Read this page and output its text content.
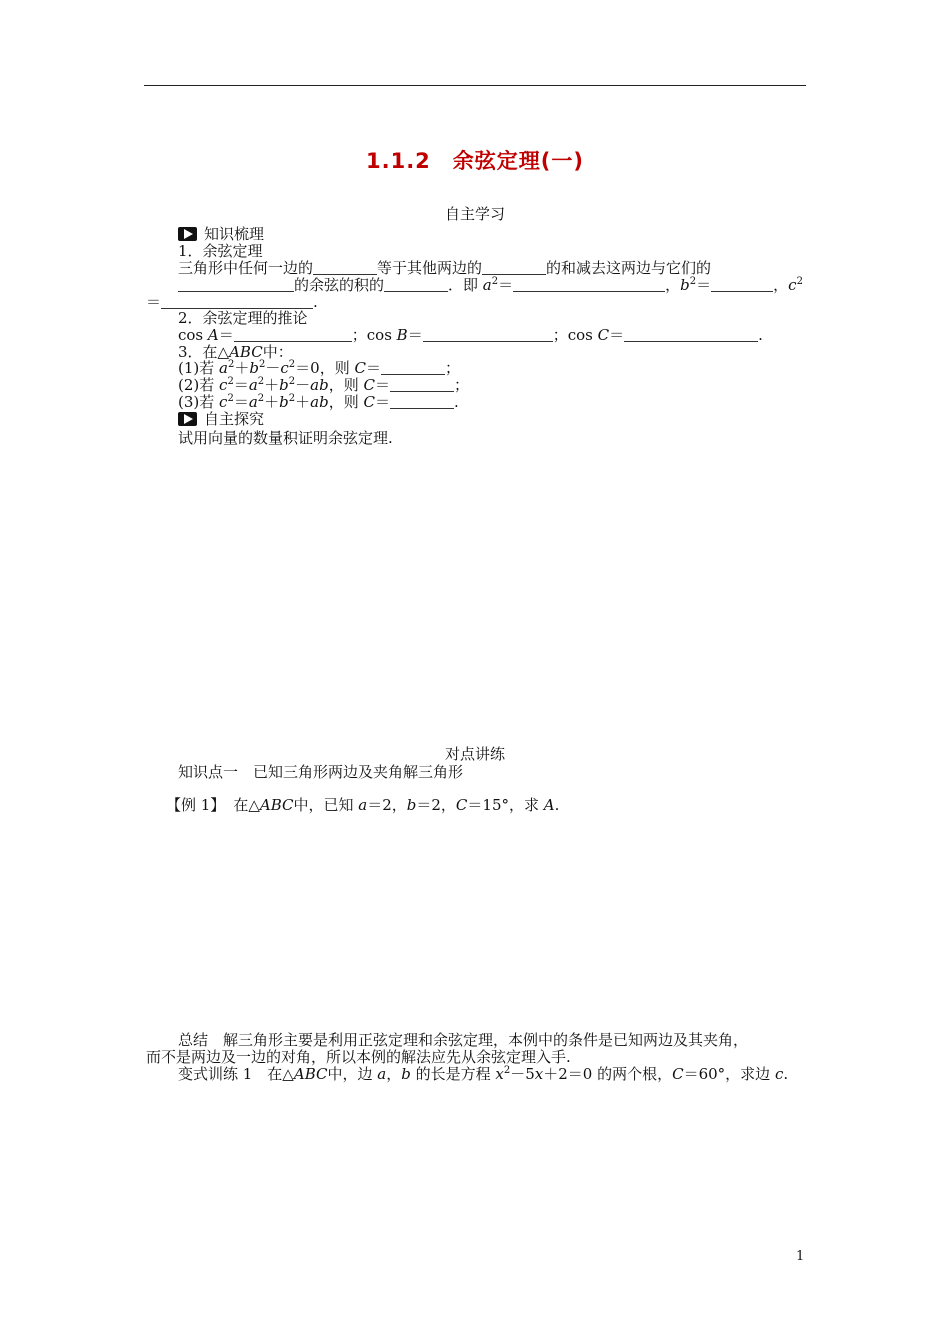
1.1.2　余弦定理(一)
自主学习
知识梳理
1．余弦定理
三角形中任何一边的	等于其他两边的	的和减去这两边与它们的
的余弦的积的	．即 $a^2=$	，$b^2=$	，$c^2$
＝	.
2．余弦定理的推论
cos A＝	；cos B＝	；cos C＝	.
3．在△ABC中：
(1)若 $a^2+b^2-c^2=0$，则 C＝	；
(2)若 $c^2=a^2+b^2-ab$，则 C＝	；
(3)若 $c^2=a^2+b^2+ab$，则 C＝	.
自主探究
试用向量的数量积证明余弦定理.
对点讲练
知识点一　已知三角形两边及夹角解三角形
【例 1】 在△ABC中，已知 a＝2，b＝2，C＝15°，求 A.
总结　解三角形主要是利用正弦定理和余弦定理，本例中的条件是已知两边及其夹角，
而不是两边及一边的对角，所以本例的解法应先从余弦定理入手.
变式训练 1　在△ABC中，边 a，b 的长是方程 $x^2-5x+2=0$ 的两个根，C＝60°，求边 c.
1
